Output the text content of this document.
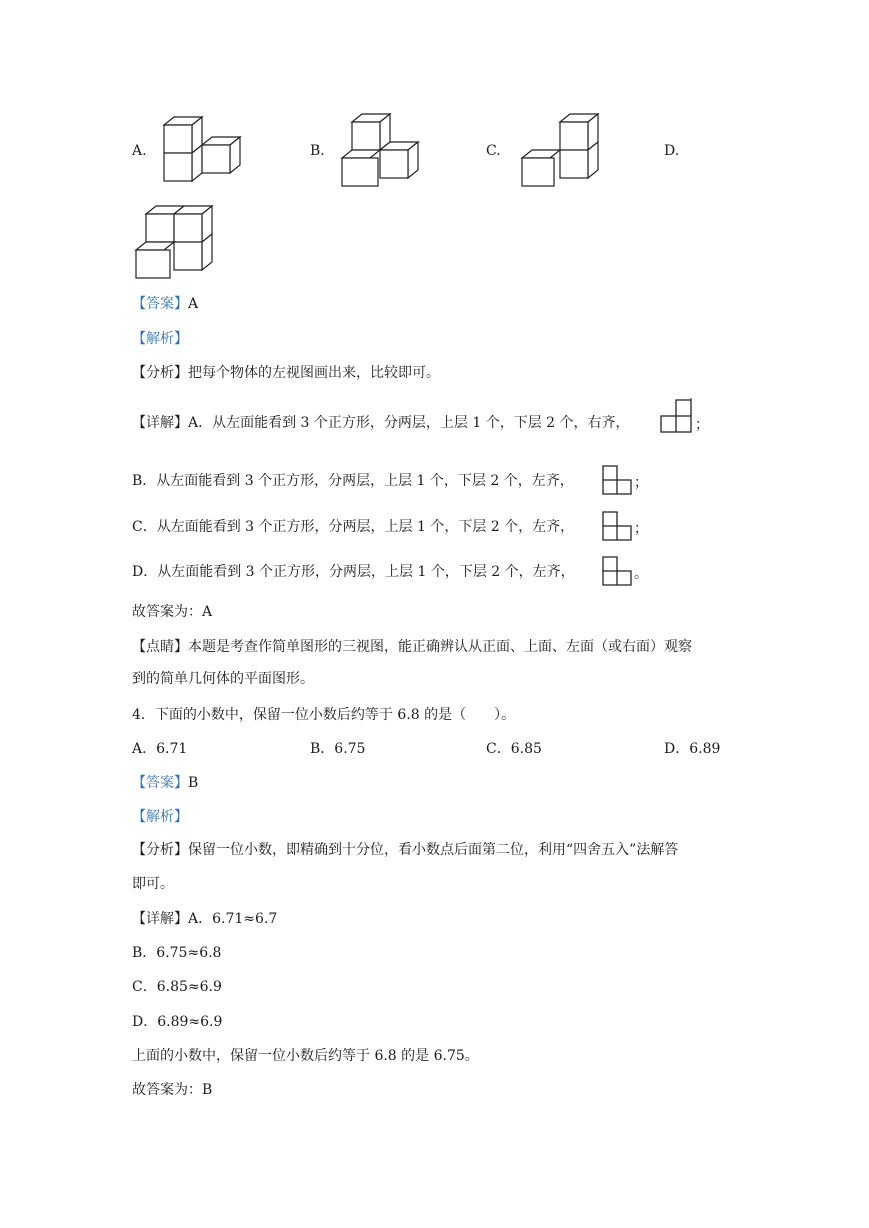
A.	B.	C.	D.
【答案】A
【解析】
【分析】把每个物体的左视图画出来，比较即可。
【详解】A．从左面能看到 3 个正方形，分两层，上层 1 个，下层 2 个，右齐，	；
B．从左面能看到 3 个正方形，分两层，上层 1 个，下层 2 个，左齐，	；
C．从左面能看到 3 个正方形，分两层，上层 1 个，下层 2 个，左齐，	；
D．从左面能看到 3 个正方形，分两层，上层 1 个，下层 2 个，左齐，	。
故答案为：A
【点睛】本题是考查作简单图形的三视图，能正确辨认从正面、上面、左面（或右面）观察
到的简单几何体的平面图形。
4．下面的小数中，保留一位小数后约等于 6.8 的是（　　）。
A．6.71	B．6.75	C．6.85	D．6.89
【答案】B
【解析】
【分析】保留一位小数，即精确到十分位，看小数点后面第二位，利用“四舍五入”法解答
即可。
【详解】A．6.71≈6.7
B．6.75≈6.8
C．6.85≈6.9
D．6.89≈6.9
上面的小数中，保留一位小数后约等于 6.8 的是 6.75。
故答案为：B
